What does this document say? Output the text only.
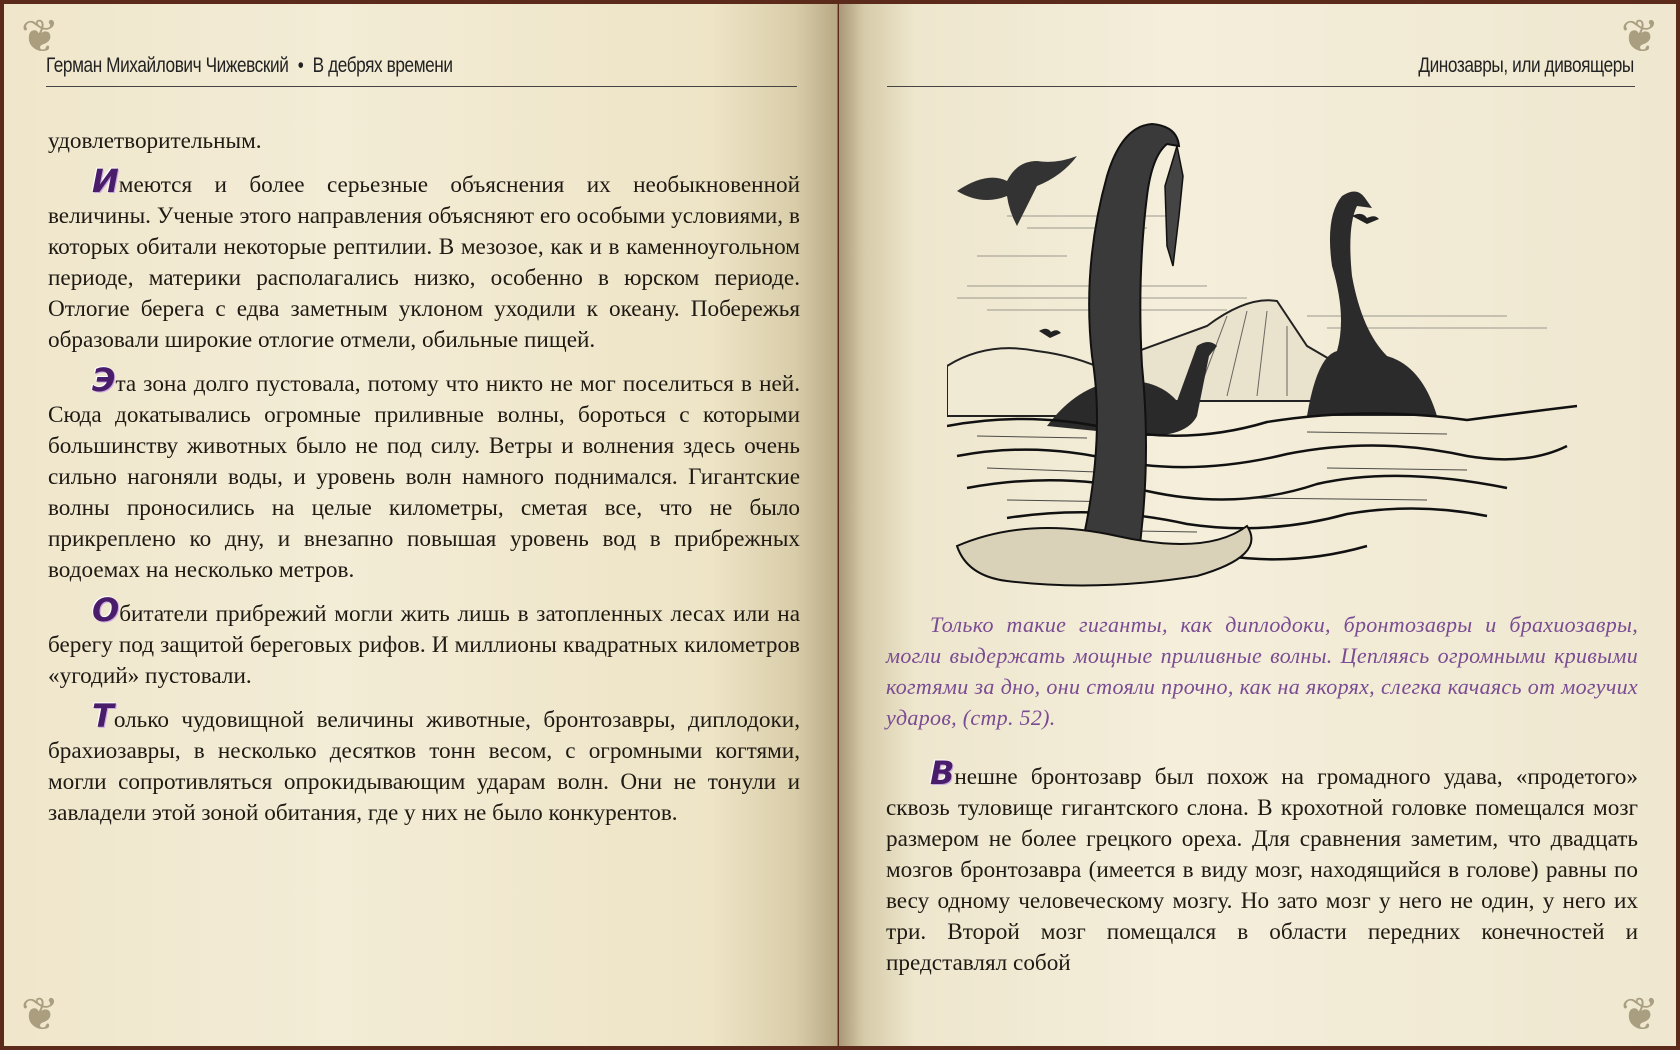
❦
❦
Герман Михайлович Чижевский • В дебрях времени

удовлетворительным.

Имеются и более серьезные объяснения их необыкновенной величины. Ученые этого направления объясняют его особыми условиями, в которых обитали некоторые рептилии. В мезозое, как и в каменноугольном периоде, материки располагались низко, особенно в юрском периоде. Отлогие берега с едва заметным уклоном уходили к океану. Побережья образовали широкие отлогие отмели, обильные пищей.

Эта зона долго пустовала, потому что никто не мог поселиться в ней. Сюда докатывались огромные приливные волны, бороться с которыми большинству животных было не под силу. Ветры и волнения здесь очень сильно нагоняли воды, и уровень волн намного поднимался. Гигантские волны проносились на целые километры, сметая все, что не было прикреплено ко дну, и внезапно повышая уровень вод в прибрежных водоемах на несколько метров.

Обитатели прибрежий могли жить лишь в затопленных лесах или на берегу под защитой береговых рифов. И миллионы квадратных километров «угодий» пустовали.

Только чудовищной величины животные, бронтозавры, диплодоки, брахиозавры, в несколько десятков тонн весом, с огромными когтями, могли сопротивляться опрокидывающим ударам волн. Они не тонули и завладели этой зоной обитания, где у них не было конкурентов.

❦
❦
Динозавры, или дивоящеры
Только такие гиганты, как диплодоки, бронтозавры и брахиозавры, могли выдержать мощные приливные волны. Цепляясь огромными кривыми когтями за дно, они стояли прочно, как на якорях, слегка качаясь от могучих ударов, (стр. 52).

Внешне бронтозавр был похож на громадного удава, «продетого» сквозь туловище гигантского слона. В крохотной головке помещался мозг размером не более грецкого ореха. Для сравнения заметим, что двадцать мозгов бронтозавра (имеется в виду мозг, находящийся в голове) равны по весу одному человеческому мозгу. Но зато мозг у него не один, у него их три. Второй мозг помещался в области передних конечностей и представлял собой
